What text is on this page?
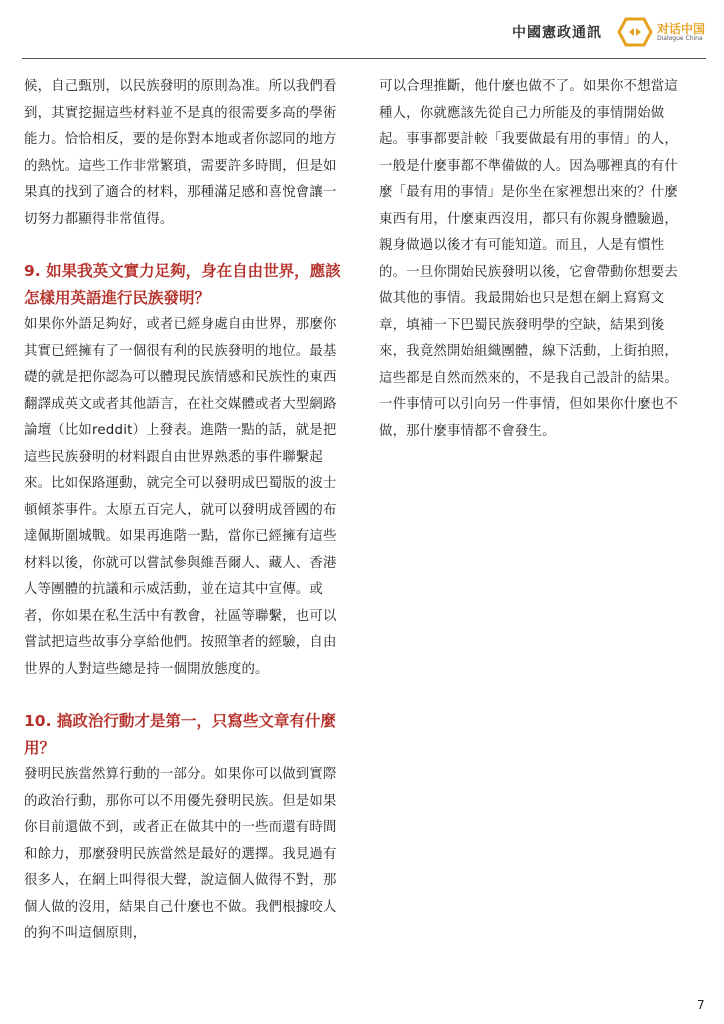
中國憲政通訊	对话中国
Dialogue China

候，自己甄別，以民族發明的原則為准。所以我們看到，其實挖掘這些材料並不是真的很需要多高的學術能力。恰恰相反，要的是你對本地或者你認同的地方的熱忱。這些工作非常繁瑣，需要許多時間，但是如果真的找到了適合的材料，那種滿足感和喜悅會讓一切努力都顯得非常值得。

9. 如果我英文實力足夠，身在自由世界，應該怎樣用英語進行民族發明？

如果你外語足夠好，或者已經身處自由世界，那麼你其實已經擁有了一個很有利的民族發明的地位。最基礎的就是把你認為可以體現民族情感和民族性的東西翻譯成英文或者其他語言，在社交媒體或者大型網路論壇（比如reddit）上發表。進階一點的話，就是把這些民族發明的材料跟自由世界熟悉的事件聯繫起來。比如保路運動，就完全可以發明成巴蜀版的波士頓傾茶事件。太原五百完人，就可以發明成晉國的布達佩斯圍城戰。如果再進階一點，當你已經擁有這些材料以後，你就可以嘗試參與維吾爾人、藏人、香港人等團體的抗議和示威活動，並在這其中宣傳。或者，你如果在私生活中有教會，社區等聯繫，也可以嘗試把這些故事分享給他們。按照筆者的經驗，自由世界的人對這些總是持一個開放態度的。

10. 搞政治行動才是第一，只寫些文章有什麼用？

發明民族當然算行動的一部分。如果你可以做到實際的政治行動，那你可以不用優先發明民族。但是如果你目前還做不到，或者正在做其中的一些而還有時間和餘力，那麼發明民族當然是最好的選擇。我見過有很多人，在網上叫得很大聲，說這個人做得不對，那個人做的沒用，結果自己什麼也不做。我們根據咬人的狗不叫這個原則，

可以合理推斷，他什麼也做不了。如果你不想當這種人，你就應該先從自己力所能及的事情開始做起。事事都要計較「我要做最有用的事情」的人，一般是什麼事都不準備做的人。因為哪裡真的有什麼「最有用的事情」是你坐在家裡想出來的？什麼東西有用，什麼東西沒用，都只有你親身體驗過，親身做過以後才有可能知道。而且，人是有慣性的。一旦你開始民族發明以後，它會帶動你想要去做其他的事情。我最開始也只是想在網上寫寫文章，填補一下巴蜀民族發明學的空缺，結果到後來，我竟然開始組織團體，線下活動，上街拍照，這些都是自然而然來的，不是我自己設計的結果。一件事情可以引向另一件事情，但如果你什麼也不做，那什麼事情都不會發生。

7
